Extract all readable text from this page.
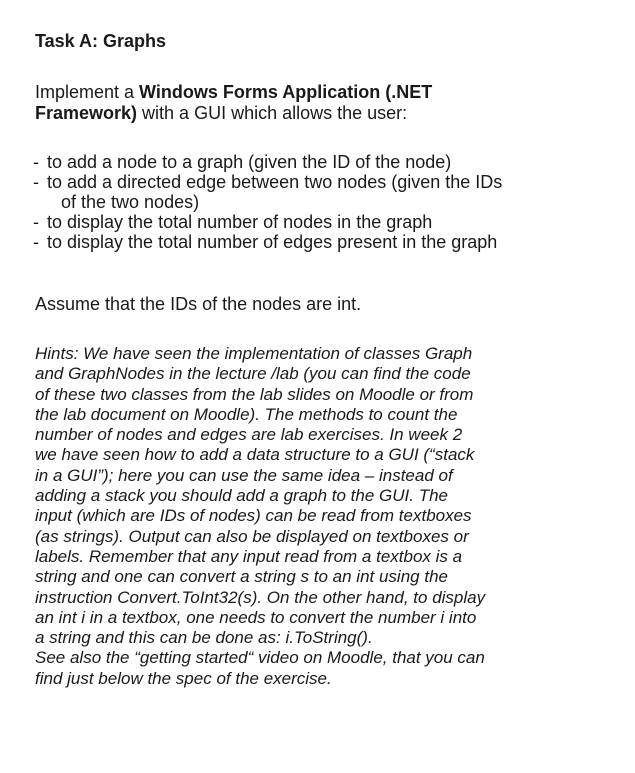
Task A: Graphs
Implement a Windows Forms Application (.NET
Framework) with a GUI which allows the user:
- to add a node to a graph (given the ID of the node)
- to add a directed edge between two nodes (given the IDs
of the two nodes)
- to display the total number of nodes in the graph
- to display the total number of edges present in the graph
Assume that the IDs of the nodes are int.
Hints: We have seen the implementation of classes Graph
and GraphNodes in the lecture /lab (you can find the code
of these two classes from the lab slides on Moodle or from
the lab document on Moodle). The methods to count the
number of nodes and edges are lab exercises. In week 2
we have seen how to add a data structure to a GUI (“stack
in a GUI”); here you can use the same idea – instead of
adding a stack you should add a graph to the GUI. The
input (which are IDs of nodes) can be read from textboxes
(as strings). Output can also be displayed on textboxes or
labels. Remember that any input read from a textbox is a
string and one can convert a string s to an int using the
instruction Convert.ToInt32(s). On the other hand, to display
an int i in a textbox, one needs to convert the number i into
a string and this can be done as: i.ToString().
See also the “getting started“ video on Moodle, that you can
find just below the spec of the exercise.
